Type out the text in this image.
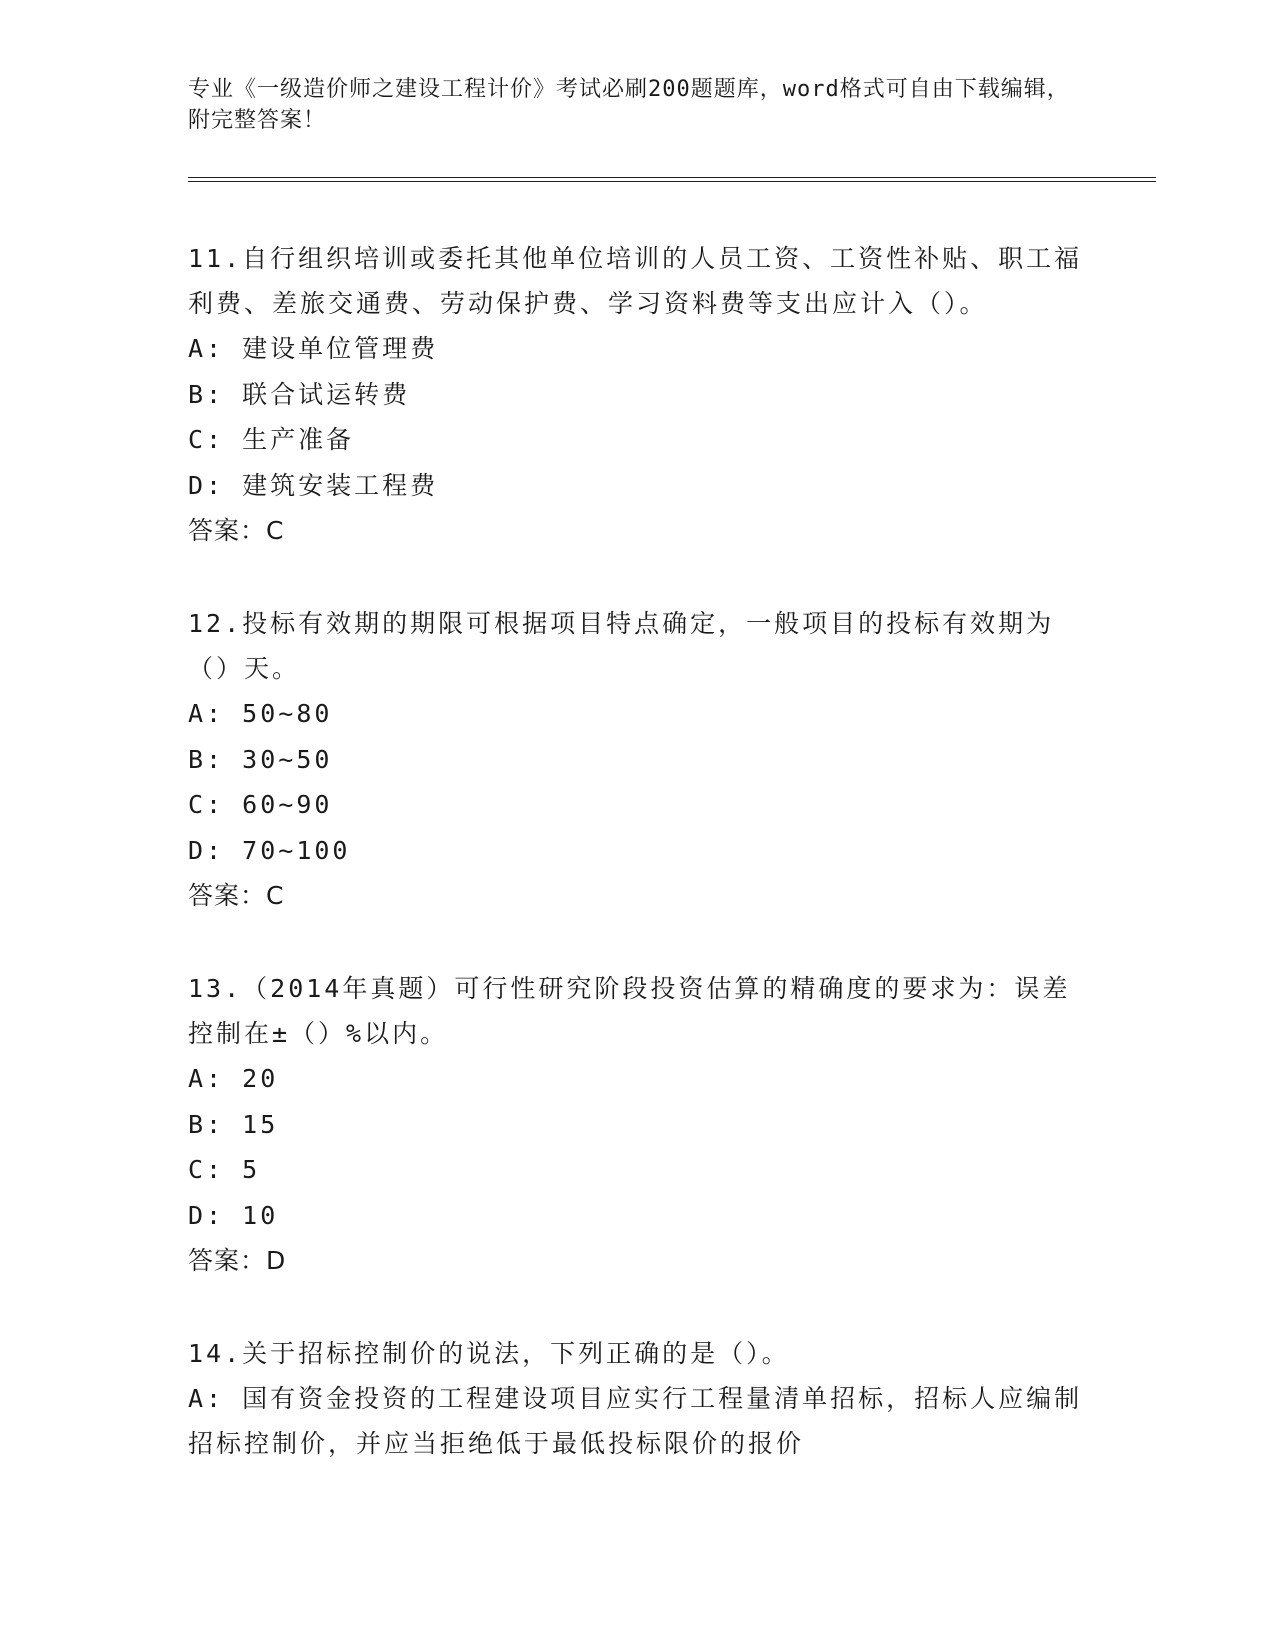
专业《一级造价师之建设工程计价》考试必刷200题题库，word格式可自由下载编辑，附完整答案！

11.自行组织培训或委托其他单位培训的人员工资、工资性补贴、职工福利费、差旅交通费、劳动保护费、学习资料费等支出应计入（）。

A: 建设单位管理费

B: 联合试运转费

C: 生产准备

D: 建筑安装工程费

答案：C

12.投标有效期的期限可根据项目特点确定，一般项目的投标有效期为（）天。

A: 50~80

B: 30~50

C: 60~90

D: 70~100

答案：C

13.（2014年真题）可行性研究阶段投资估算的精确度的要求为：误差控制在±（）%以内。

A: 20

B: 15

C: 5

D: 10

答案：D

14.关于招标控制价的说法，下列正确的是（）。

A: 国有资金投资的工程建设项目应实行工程量清单招标，招标人应编制招标控制价，并应当拒绝低于最低投标限价的报价
